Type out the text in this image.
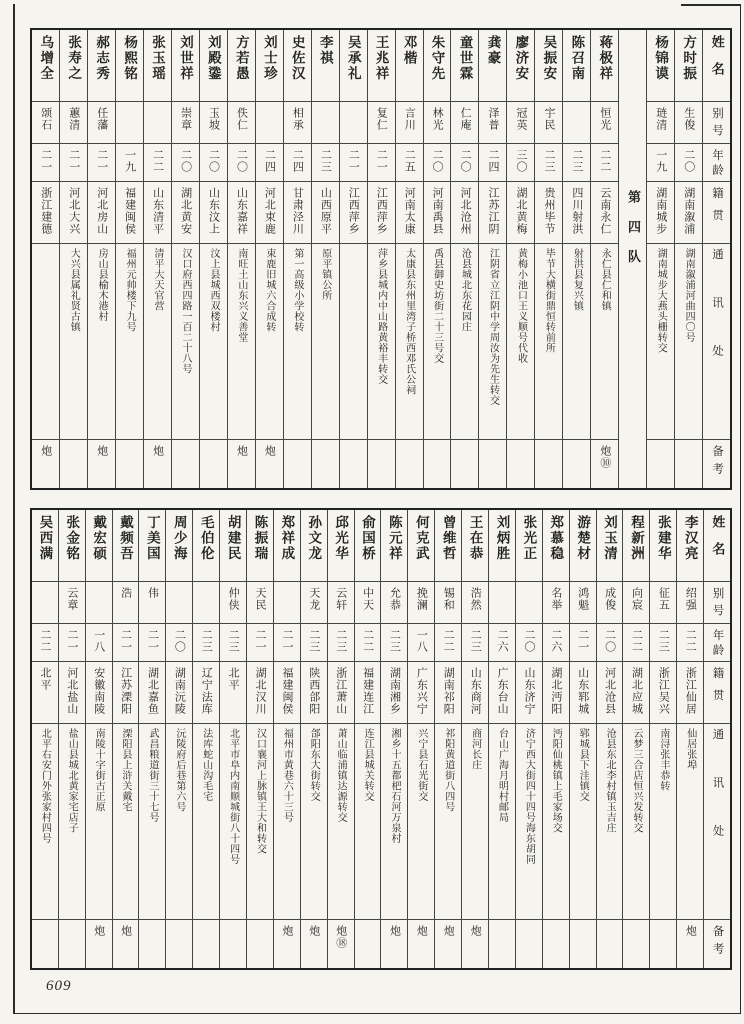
姓名
别号
年龄
籍贯
通讯处
备考
方时振
生俊
二〇
湖南溆浦
湖南溆浦河曲四〇号
杨锦谟
琏清
一九
湖南城步
湖南城步大燕头栅转交
第四队
蒋极祥
恒光
二二
云南永仁
永仁县仁和镇
炮⑩
陈召南
二三
四川射洪
射洪县复兴镇
吴振安
宇民
二三
贵州毕节
毕节大横街鼎恒转前所
廖济安
冠英
三〇
湖北黄梅
黄梅小池口王义顺号代收
龚豪
泽普
二四
江苏江阴
江阴省立江阴中学周汝为先生转交
童世霖
仁庵
二〇
河北沧州
沧县城北东花园庄
朱守先
林光
二〇
河南禹县
禹县御史坊街二十三号交
邓楷
言川
二五
河南太康
太康县东州里湾子桥西邓氏公祠
王兆祥
复仁
二一
江西萍乡
萍乡县城内中山路黄裕丰转交
吴承礼
二一
江西萍乡
李祺
二三
山西原平
原平镇公所
史佐汉
相承
二四
甘肃泾川
第一高级小学校转
刘士珍
二四
河北束鹿
束鹿旧城六合成转
炮
方若愚
佚仁
二〇
山东嘉祥
南旺土山东兴义善堂
炮
刘殿鍌
玉坡
二〇
山东汶上
汶上县城西双楼村
刘世祥
崇章
二〇
湖北黄安
汉口府西四路一百二十八号
张玉瑶
二二
山东清平
清平大天官营
炮
杨熙铭
一九
福建闽侯
福州元帅楼下九号
郝志秀
任藩
二一
河北房山
房山县榆木港村
炮
张寿之
蕙清
二一
河北大兴
大兴县属礼贤古镇
乌增全
颂石
二一
浙江建德
炮
姓名
别号
年龄
籍贯
通讯处
备考
李汉亮
绍强
二二
浙江仙居
仙居张埠
炮
张建华
征五
二三
浙江吴兴
南浔张丰恭转
程新洲
向宸
二二
湖北应城
云梦三合店恒兴发转交
刘玉清
成俊
二〇
河北沧县
沧县东北李村镇玉吉庄
游楚材
鸿魁
二一
山东郓城
郓城县下洼镇交
郑慕稳
名举
二六
湖北沔阳
沔阳仙桃镇上毛家场交
张光正
二〇
山东济宁
济宁西大街四十四号海东胡同
刘炳胜
二六
广东台山
台山广海月明村邮局
王在恭
浩然
二三
山东商河
商河长庄
炮
曾维哲
锡和
二二
湖南祁阳
祁阳黄道街八四号
炮
何克武
挽澜
一八
广东兴宁
兴宁县石光街交
炮
陈元祥
允恭
二三
湖南湘乡
湘乡十五都杷石河万泉村
炮
俞国桥
中天
二二
福建连江
连江县城关转交
邱光华
云轩
二三
浙江萧山
萧山临浦镇达源转交
炮⑱
孙文龙
天龙
二三
陕西郃阳
郃阳东大街转交
炮
郑祥成
二一
福建闽侯
福州市黄巷六十三号
炮
陈振瑞
天民
二一
湖北汉川
汉口襄河上脉镇王大和转交
胡建民
仲侠
二三
北平
北平市阜内南顺城街八十四号
毛伯伦
二三
辽宁法库
法库蛇山沟毛宅
周少海
二〇
湖南沅陵
沅陵府后巷第六号
丁美国
伟
二一
湖北嘉鱼
武昌粮道街三十七号
戴频吾
浩
二一
江苏溧阳
溧阳县上浒关戴宅
炮
戴宏硕
一八
安徽南陵
南陵十字街古正原
炮
张金铭
云章
二一
河北盐山
盐山县城北黄家宅店子
吴西满
二二
北平
北平右安门外张家村四号
609
